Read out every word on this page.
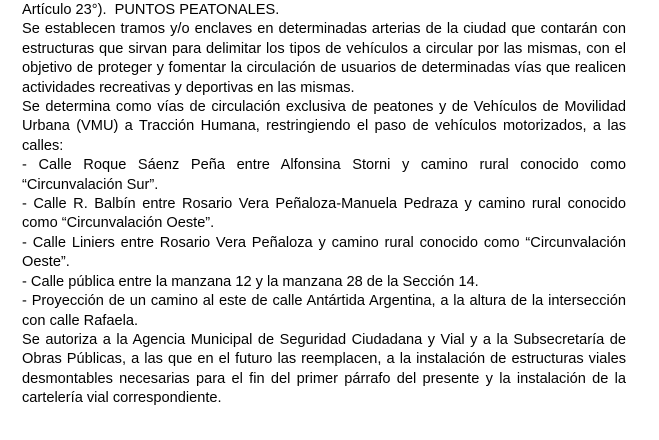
Artículo 23°).  PUNTOS PEATONALES.

Se establecen tramos y/o enclaves en determinadas arterias de la ciudad que contarán con estructuras que sirvan para delimitar los tipos de vehículos a circular por las mismas, con el objetivo de proteger y fomentar la circulación de usuarios de determinadas vías que realicen actividades recreativas y deportivas en las mismas.

Se determina como vías de circulación exclusiva de peatones y de Vehículos de Movilidad Urbana (VMU) a Tracción Humana, restringiendo el paso de vehículos motorizados, a las calles:

- Calle Roque Sáenz Peña entre Alfonsina Storni y camino rural conocido como “Circunvalación Sur”.

- Calle R. Balbín entre Rosario Vera Peñaloza-Manuela Pedraza y camino rural conocido como “Circunvalación Oeste”.

- Calle Liniers entre Rosario Vera Peñaloza y camino rural conocido como “Circunvalación Oeste”.

- Calle pública entre la manzana 12 y la manzana 28 de la Sección 14.

- Proyección de un camino al este de calle Antártida Argentina, a la altura de la intersección con calle Rafaela.

Se autoriza a la Agencia Municipal de Seguridad Ciudadana y Vial y a la Subsecretaría de Obras Públicas, a las que en el futuro las reemplacen, a la instalación de estructuras viales desmontables necesarias para el fin del primer párrafo del presente y la instalación de la cartelería vial correspondiente.
